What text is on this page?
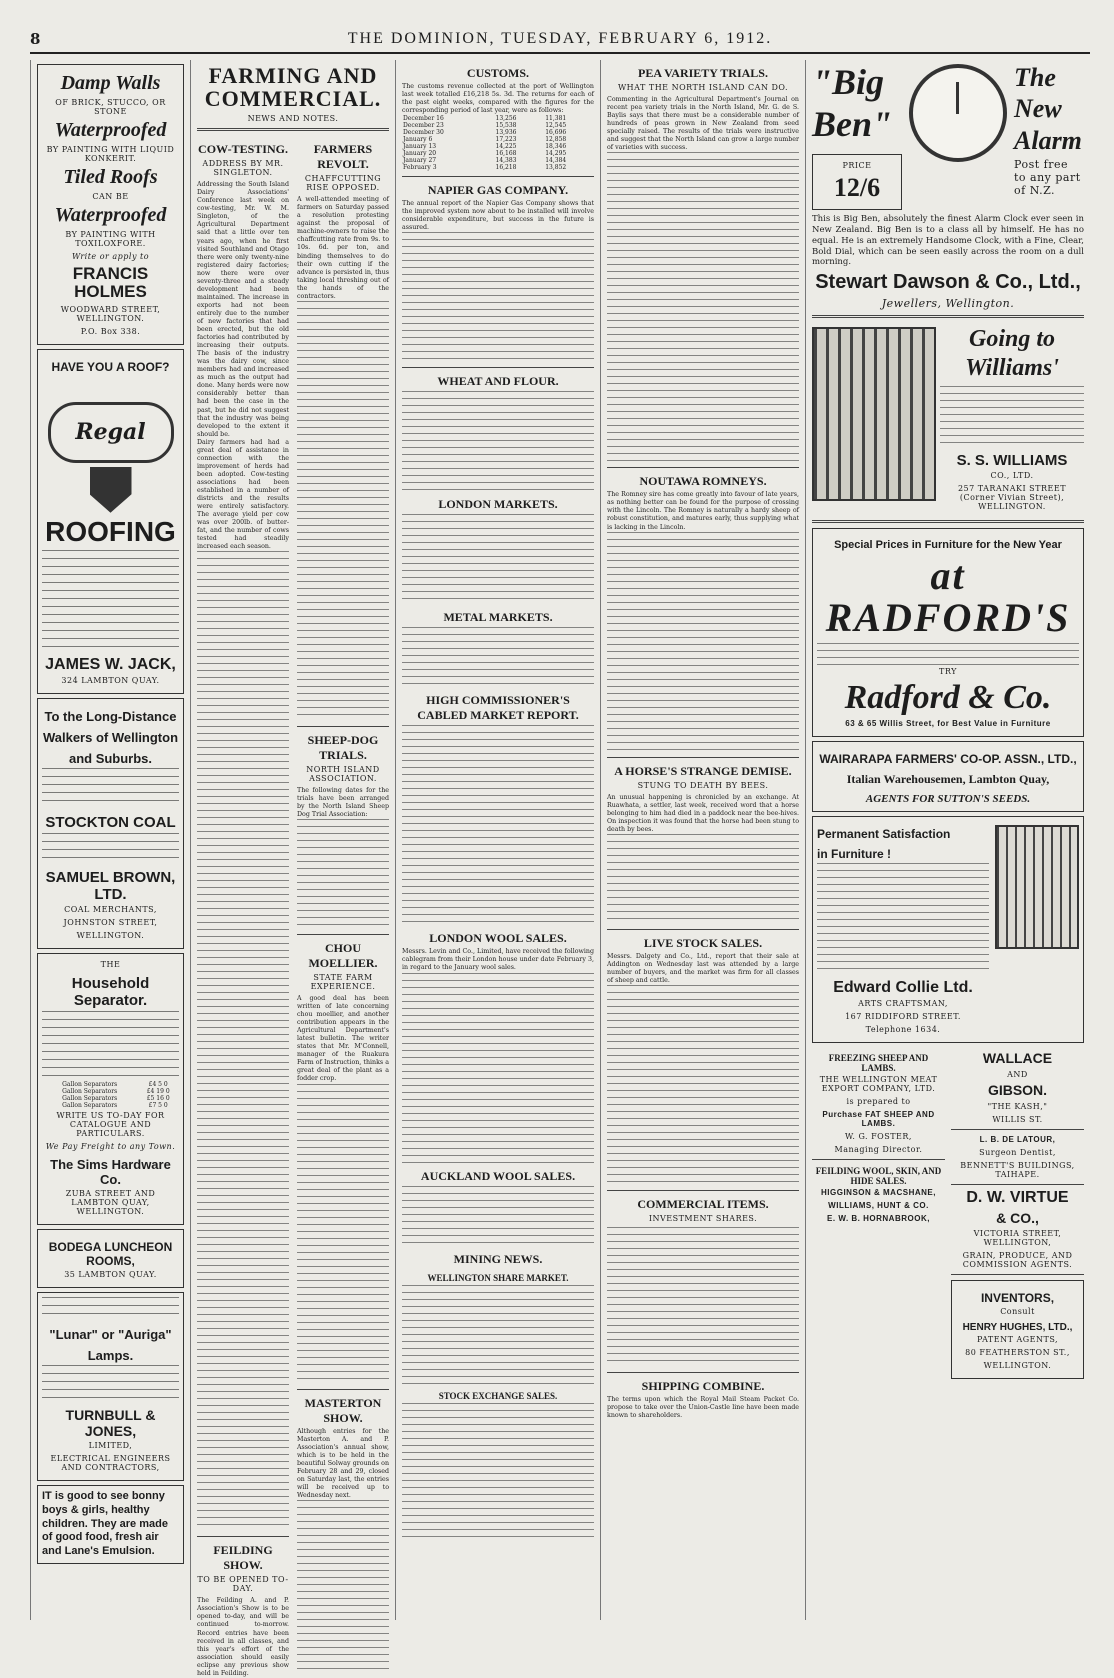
8	THE DOMINION, TUESDAY, FEBRUARY 6, 1912.
Damp Walls
OF BRICK, STUCCO, OR STONE
Waterproofed
BY PAINTING WITH LIQUID KONKERIT.
Tiled Roofs
CAN BE
Waterproofed
BY PAINTING WITH TOXILOXFORE.
Write or apply to
FRANCIS HOLMES
WOODWARD STREET, WELLINGTON.
P.O. Box 338.
HAVE YOU A ROOF?
Regal
ROOFING
JAMES W. JACK,
324 LAMBTON QUAY.
To the Long-Distance
Walkers of Wellington
and Suburbs.
STOCKTON COAL
SAMUEL BROWN, LTD.
COAL MERCHANTS,
JOHNSTON STREET,
WELLINGTON.
THE
Household Separator.
Gallon Separators	£4 5 0
Gallon Separators	£4 19 0
Gallon Separators	£5 16 0
Gallon Separators	£7 5 0
WRITE US TO-DAY FOR CATALOGUE AND PARTICULARS.
We Pay Freight to any Town.
The Sims Hardware Co.
ZUBA STREET AND LAMBTON QUAY, WELLINGTON.
BODEGA LUNCHEON ROOMS,
35 LAMBTON QUAY.
"Lunar" or "Auriga"
Lamps.
TURNBULL & JONES,
LIMITED,
ELECTRICAL ENGINEERS AND CONTRACTORS,
IT is good to see bonny boys & girls, healthy children. They are made of good food, fresh air and Lane's Emulsion.
FARMING AND COMMERCIAL.
NEWS AND NOTES.
COW-TESTING.
ADDRESS BY MR. SINGLETON.

Addressing the South Island Dairy Associations' Conference last week on cow-testing, Mr. W. M. Singleton, of the Agricultural Department said that a little over ten years ago, when he first visited Southland and Otago there were only twenty-nine registered dairy factories; now there were over seventy-three and a steady development had been maintained. The increase in exports had not been entirely due to the number of new factories that had been erected, but the old factories had contributed by increasing their outputs. The basis of the industry was the dairy cow, since members had and increased as much as the output had done. Many herds were now considerably better than had been the case in the past, but he did not suggest that the industry was being developed to the extent it should be.

Dairy farmers had had a great deal of assistance in connection with the improvement of herds had been adopted. Cow-testing associations had been established in a number of districts and the results were entirely satisfactory. The average yield per cow was over 200lb. of butter-fat, and the number of cows tested had steadily increased each season.

FEILDING SHOW.
TO BE OPENED TO-DAY.

The Feilding A. and P. Association's Show is to be opened to-day, and will be continued to-morrow. Record entries have been received in all classes, and this year's effort of the association should easily eclipse any previous show held in Feilding.

FARMERS REVOLT.
CHAFFCUTTING RISE OPPOSED.

A well-attended meeting of farmers on Saturday passed a resolution protesting against the proposal of machine-owners to raise the chaffcutting rate from 9s. to 10s. 6d. per ton, and binding themselves to do their own cutting if the advance is persisted in, thus taking local threshing out of the hands of the contractors.

SHEEP-DOG TRIALS.
NORTH ISLAND ASSOCIATION.

The following dates for the trials have been arranged by the North Island Sheep Dog Trial Association:

CHOU MOELLIER.
STATE FARM EXPERIENCE.

A good deal has been written of late concerning chou moellier, and another contribution appears in the Agricultural Department's latest bulletin. The writer states that Mr. M'Connell, manager of the Ruakura Farm of Instruction, thinks a great deal of the plant as a fodder crop.

MASTERTON SHOW.

Although entries for the Masterton A. and P. Association's annual show, which is to be held in the beautiful Solway grounds on February 28 and 29, closed on Saturday last, the entries will be received up to Wednesday next.

PEA VARIETY TRIALS.
WHAT THE NORTH ISLAND CAN DO.

Commenting in the Agricultural Department's Journal on recent pea variety trials in the North Island, Mr. G. de S. Baylis says that there must be a considerable number of hundreds of peas grown in New Zealand from seed specially raised. The results of the trials were instructive and suggest that the North Island can grow a large number of varieties with success.

NOUTAWA ROMNEYS.

The Romney sire has come greatly into favour of late years, as nothing better can be found for the purpose of crossing with the Lincoln. The Romney is naturally a hardy sheep of robust constitution, and matures early, thus supplying what is lacking in the Lincoln.

A HORSE'S STRANGE DEMISE.
STUNG TO DEATH BY BEES.

An unusual happening is chronicled by an exchange. At Ruawhata, a settler, last week, received word that a horse belonging to him had died in a paddock near the bee-hives. On inspection it was found that the horse had been stung to death by bees.

LIVE STOCK SALES.

Messrs. Dalgety and Co., Ltd., report that their sale at Addington on Wednesday last was attended by a large number of buyers, and the market was firm for all classes of sheep and cattle.

COMMERCIAL ITEMS.
INVESTMENT SHARES.
SHIPPING COMBINE.

The terms upon which the Royal Mail Steam Packet Co. propose to take over the Union-Castle line have been made known to shareholders.

CUSTOMS.

The customs revenue collected at the port of Wellington last week totalled £16,218 5s. 3d. The returns for each of the past eight weeks, compared with the figures for the corresponding period of last year, were as follows:

December 16	13,256	11,381
December 23	15,538	12,545
December 30	13,936	16,696
January 6	17,223	12,858
January 13	14,225	18,346
January 20	16,168	14,295
January 27	14,383	14,384
February 3	16,218	13,852
NAPIER GAS COMPANY.

The annual report of the Napier Gas Company shows that the improved system now about to be installed will involve considerable expenditure, but success in the future is assured.

WHEAT AND FLOUR.
LONDON MARKETS.
METAL MARKETS.
HIGH COMMISSIONER'S CABLED MARKET REPORT.
LONDON WOOL SALES.

Messrs. Levin and Co., Limited, have received the following cablegram from their London house under date February 3, in regard to the January wool sales.

AUCKLAND WOOL SALES.
MINING NEWS.
WELLINGTON SHARE MARKET.
STOCK EXCHANGE SALES.
"Big
Ben"
PRICE
12/6
The
New
Alarm
Post free to any part of N.Z.

This is Big Ben, absolutely the finest Alarm Clock ever seen in New Zealand. Big Ben is to a class all by himself. He has no equal. He is an extremely Handsome Clock, with a Fine, Clear, Bold Dial, which can be seen easily across the room on a dull morning.

Stewart Dawson & Co., Ltd.,
Jewellers, Wellington.
Going to
Williams'
S. S. WILLIAMS
CO., LTD.
257 TARANAKI STREET (Corner Vivian Street), WELLINGTON.
Special Prices in Furniture for the New Year
at RADFORD'S
TRY
Radford & Co.
63 & 65 Willis Street, for Best Value in Furniture
WAIRARAPA FARMERS' CO-OP. ASSN., LTD.,
Italian Warehousemen, Lambton Quay,
AGENTS FOR SUTTON'S SEEDS.
Permanent Satisfaction
in Furniture !
Edward Collie Ltd.
ARTS CRAFTSMAN,
167 RIDDIFORD STREET.
Telephone 1634.
FREEZING SHEEP AND LAMBS.
THE WELLINGTON MEAT EXPORT COMPANY, LTD.
is prepared to
Purchase FAT SHEEP AND LAMBS.
W. G. FOSTER,
Managing Director.
FEILDING WOOL, SKIN, AND HIDE SALES.
HIGGINSON & MACSHANE,
WILLIAMS, HUNT & CO.
E. W. B. HORNABROOK,
WALLACE
AND
GIBSON.
"THE KASH,"
WILLIS ST.
L. B. DE LATOUR,
Surgeon Dentist,
BENNETT'S BUILDINGS, TAIHAPE.
D. W. VIRTUE
& CO.,
VICTORIA STREET, WELLINGTON,
GRAIN, PRODUCE, AND COMMISSION AGENTS.
INVENTORS,
Consult
HENRY HUGHES, LTD.,
PATENT AGENTS,
80 FEATHERSTON ST.,
WELLINGTON.
